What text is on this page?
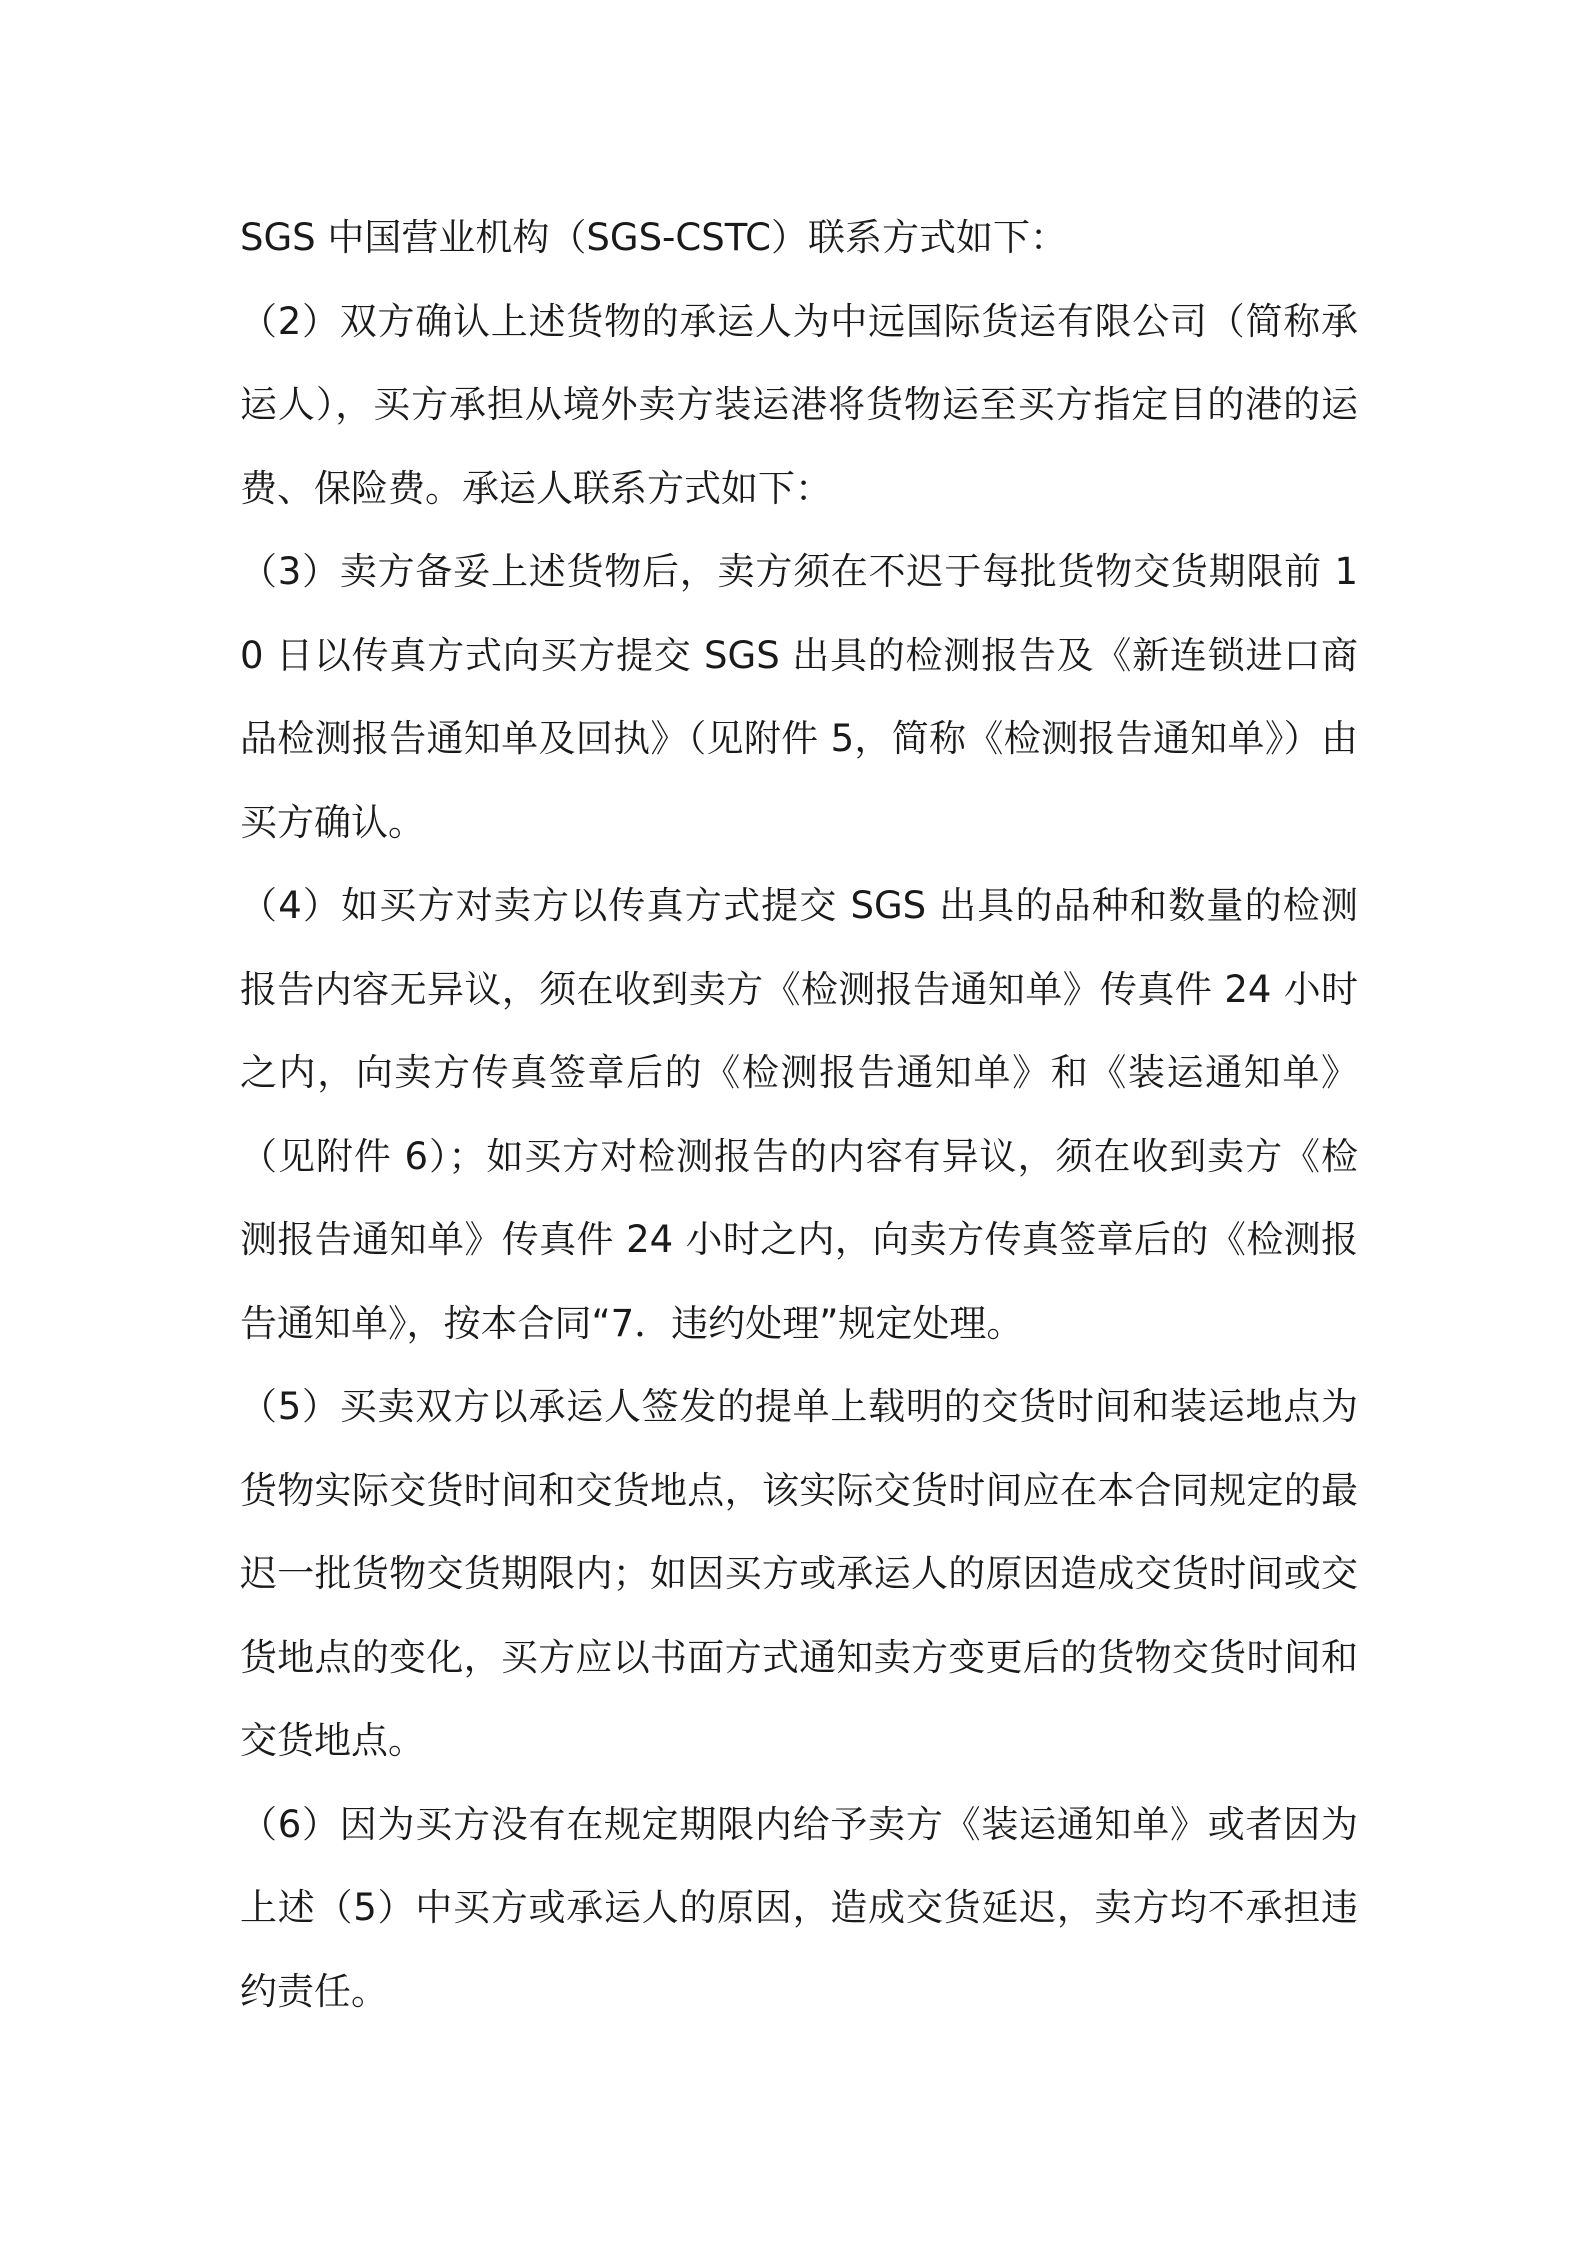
SGS 中国营业机构（SGS-CSTC）联系方式如下：

（2）双方确认上述货物的承运人为中远国际货运有限公司（简称承运人），买方承担从境外卖方装运港将货物运至买方指定目的港的运费、保险费。承运人联系方式如下：

（3）卖方备妥上述货物后，卖方须在不迟于每批货物交货期限前 10 日以传真方式向买方提交 SGS 出具的检测报告及《新连锁进口商品检测报告通知单及回执》（见附件 5，简称《检测报告通知单》）由买方确认。

（4）如买方对卖方以传真方式提交 SGS 出具的品种和数量的检测报告内容无异议，须在收到卖方《检测报告通知单》传真件 24 小时之内，向卖方传真签章后的《检测报告通知单》和《装运通知单》（见附件 6）；如买方对检测报告的内容有异议，须在收到卖方《检测报告通知单》传真件 24 小时之内，向卖方传真签章后的《检测报告通知单》，按本合同“7．违约处理”规定处理。

（5）买卖双方以承运人签发的提单上载明的交货时间和装运地点为货物实际交货时间和交货地点，该实际交货时间应在本合同规定的最迟一批货物交货期限内；如因买方或承运人的原因造成交货时间或交货地点的变化，买方应以书面方式通知卖方变更后的货物交货时间和交货地点。

（6）因为买方没有在规定期限内给予卖方《装运通知单》或者因为上述（5）中买方或承运人的原因，造成交货延迟，卖方均不承担违约责任。
